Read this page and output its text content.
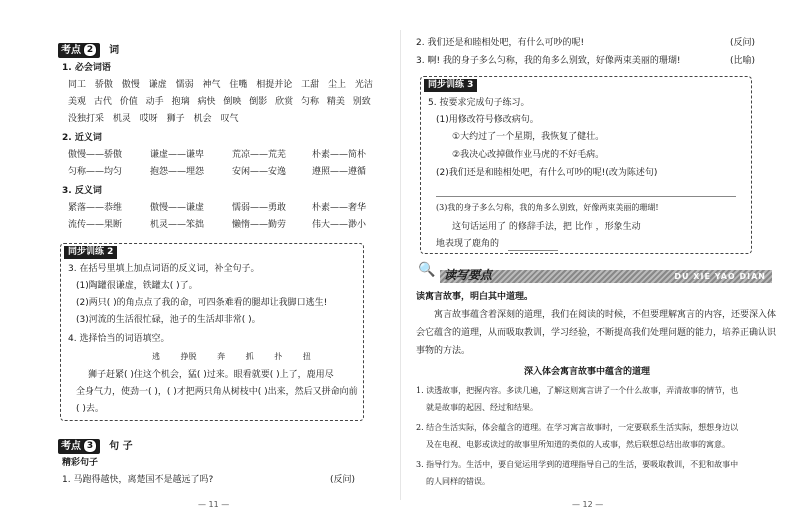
考点 2 词
1. 必会词语
同工 骄傲 傲慢 谦虚 懦弱 神气 住嘴 相提并论 工甜 尘上 光洁
美观 古代 价值 动手 抱璃 病快 倒映 倒影 欣赏 匀称 精美 别致
没独打采 机灵 哎呀 狮子 机会 叹气
2. 近义词
傲慢——骄傲	谦虚——谦卑	荒凉——荒芜	朴素——简朴
匀称——均匀	抱怨——埋怨	安闲——安逸	遵照——遵循
3. 反义词
紧落——恭维	傲慢——谦虚	懦弱——勇敢	朴素——奢华
流传——果断	机灵——笨拙	懒惰——勤劳	伟大——渺小
同步训练 2
3. 在括号里填上加点词语的反义词，补全句子。
(1)陶罐很谦虚，铁罐太( )了。
(2)两只( )的角点点了我的命，可四条难看的腿却让我脚口逃生!
(3)河流的生活很忙碌，池子的生活却非常( )。
4. 选择恰当的词语填空。
逃	挣脱	奔	抓	扑	扭
狮子赶紧( )住这个机会，猛( )过来。眼看就要( )上了，鹿用尽
全身气力，使劲一( )，( )才把两只角从树枝中( )出来，然后又拼命向前
( )去。
考点 3 句 子
精彩句子
1. 马跑得越快，离楚国不是越远了吗?	(反问)
— 11 —
2. 我们还是和睦相处吧，有什么可吵的呢!	(反问)
3. 啊! 我的身子多么匀称，我的角多么别致，好像两束美丽的珊瑚!	(比喻)
同步训练 3
5. 按要求完成句子练习。
(1)用修改符号修改病句。
①大约过了一个星期，我恢复了健壮。
②我决心改掉做作业马虎的不好毛病。
(2)我们还是和睦相处吧，有什么可吵的呢!(改为陈述句)
(3)我的身子多么匀称，我的角多么别致，好像两束美丽的珊瑚!
这句话运用了 的修辞手法，把 比作 ，形象生动
地表现了鹿角的
DU XIE YAO DIAN
🔍 读写要点
读寓言故事，明白其中道理。
寓言故事蕴含着深刻的道理，我们在阅读的时候，不但要理解寓言的内容，还要深入体
会它蕴含的道理，从而吸取教训，学习经验，不断提高我们处理问题的能力，培养正确认识
事物的方法。
深入体会寓言故事中蕴含的道理
1. 读透故事，把握内容。多读几遍，了解这则寓言讲了一个什么故事，弄清故事的情节，也
就是故事的起因、经过和结果。
2. 结合生活实际，体会蕴含的道理。在学习寓言故事时，一定要联系生活实际，想想身边以
及在电视、电影或读过的故事里所知道的类似的人或事，然后联想总结出故事的寓意。
3. 指导行为。生活中，要自觉运用学到的道理指导自己的生活，要吸取教训，不犯和故事中
的人同样的错误。
— 12 —
